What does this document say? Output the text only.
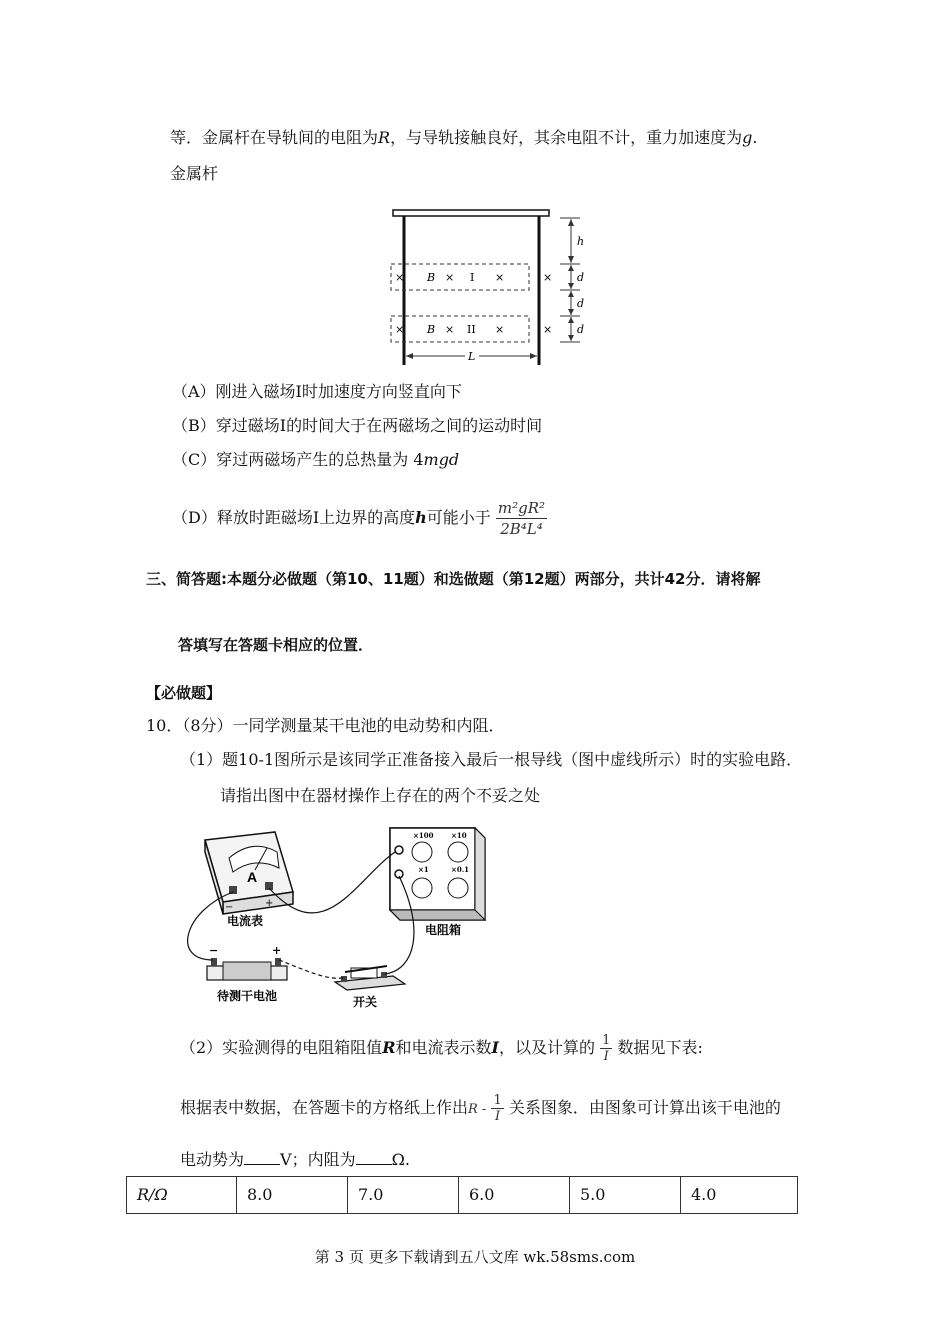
等．金属杆在导轨间的电阻为R，与导轨接触良好，其余电阻不计，重力加速度为g.
金属杆
× B × I ×	×
× B × II ×	×
h
d
d
d
L
（A）刚进入磁场Ⅰ时加速度方向竖直向下
（B）穿过磁场Ⅰ的时间大于在两磁场之间的运动时间
（C）穿过两磁场产生的总热量为 4mgd
（D）释放时距磁场Ⅰ上边界的高度h可能小于 $\frac{\text{m²gR²}}{\text{2B⁴L⁴}}$
三、简答题:本题分必做题（第10、11题）和选做题（第12题）两部分，共计42分．请将解
答填写在答题卡相应的位置．
【必做题】
10．（8分）一同学测量某干电池的电动势和内阻．
（1）题10-1图所示是该同学正准备接入最后一根导线（图中虚线所示）时的实验电路．
请指出图中在器材操作上存在的两个不妥之处
A
−	+
电流表
×100	×10
×1	×0.1
电阻箱
−	+
待测干电池	开关
（2）实验测得的电阻箱阻值R和电流表示数I，以及计算的 $\frac{1}{I}$ 数据见下表:
根据表中数据，在答题卡的方格纸上作出R - $\frac{1}{I}$ 关系图象．由图象可计算出该干电池的
电动势为 V；内阻为 Ω.
R/Ω	8.0	7.0	6.0	5.0	4.0
第 3 页 更多下载请到五八文库 wk.58sms.com
